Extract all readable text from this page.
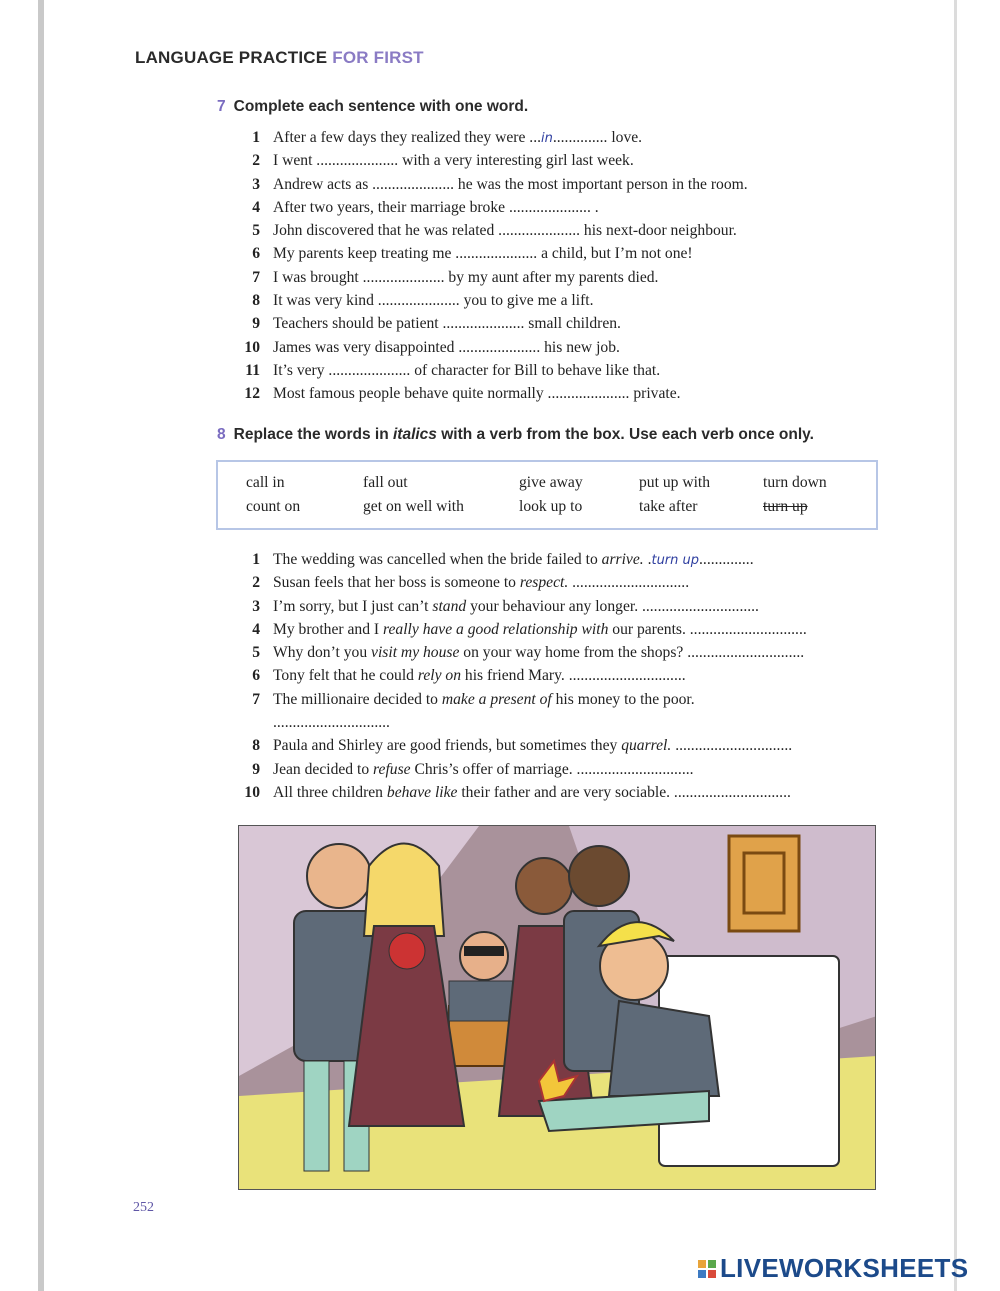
LANGUAGE PRACTICE FOR FIRST
7 Complete each sentence with one word.
1 After a few days they realized they were ...in.............. love.
2 I went ..................... with a very interesting girl last week.
3 Andrew acts as ..................... he was the most important person in the room.
4 After two years, their marriage broke ..................... .
5 John discovered that he was related ..................... his next-door neighbour.
6 My parents keep treating me ..................... a child, but I’m not one!
7 I was brought ..................... by my aunt after my parents died.
8 It was very kind ..................... you to give me a lift.
9 Teachers should be patient ..................... small children.
10 James was very disappointed ..................... his new job.
11 It’s very ..................... of character for Bill to behave like that.
12 Most famous people behave quite normally ..................... private.
8 Replace the words in italics with a verb from the box. Use each verb once only.
call in	fall out	give away	put up with	turn down
count on	get on well with	look up to	take after	turn up
1 The wedding was cancelled when the bride failed to arrive. .turn up..............
2 Susan feels that her boss is someone to respect. ..............................
3 I’m sorry, but I just can’t stand your behaviour any longer. ..............................
4 My brother and I really have a good relationship with our parents. ..............................
5 Why don’t you visit my house on your way home from the shops? ..............................
6 Tony felt that he could rely on his friend Mary. ..............................
7 The millionaire decided to make a present of his money to the poor.
..............................
8 Paula and Shirley are good friends, but sometimes they quarrel. ..............................
9 Jean decided to refuse Chris’s offer of marriage. ..............................
10 All three children behave like their father and are very sociable. ..............................
252
LIVEWORKSHEETS
